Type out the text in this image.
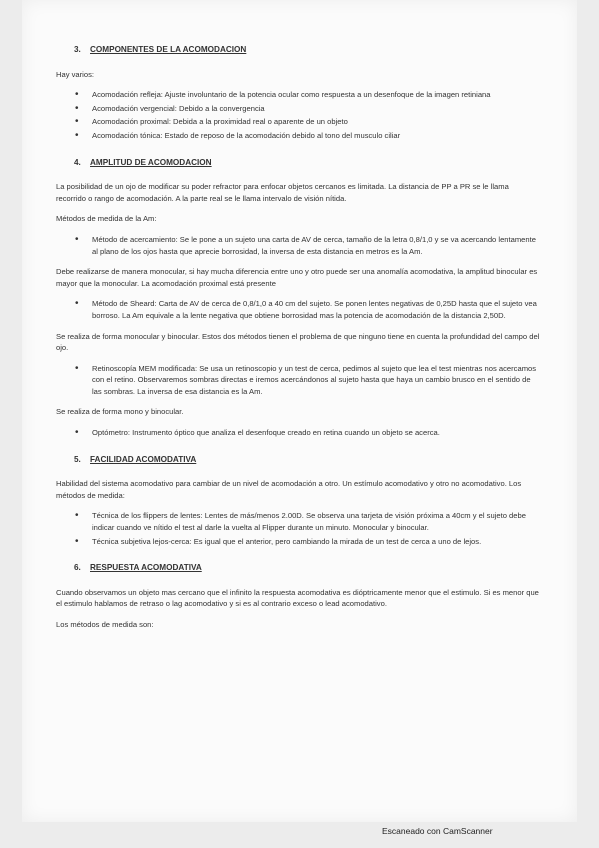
3.	COMPONENTES DE LA ACOMODACION

Hay varios:

• Acomodación refleja: Ajuste involuntario de la potencia ocular como respuesta a un desenfoque de la imagen retiniana
• Acomodación vergencial: Debido a la convergencia
• Acomodación proximal: Debida a la proximidad real o aparente de un objeto
• Acomodación tónica: Estado de reposo de la acomodación debido al tono del musculo ciliar
4.	AMPLITUD DE ACOMODACION

La posibilidad de un ojo de modificar su poder refractor para enfocar objetos cercanos es limitada. La distancia de PP a PR se le llama recorrido o rango de acomodación. A la parte real se le llama intervalo de visión nítida.

Métodos de medida de la Am:

• Método de acercamiento: Se le pone a un sujeto una carta de AV de cerca, tamaño de la letra 0,8/1,0 y se va acercando lentamente al plano de los ojos hasta que aprecie borrosidad, la inversa de esta distancia en metros es la Am.

Debe realizarse de manera monocular, si hay mucha diferencia entre uno y otro puede ser una anomalía acomodativa, la amplitud binocular es mayor que la monocular. La acomodación proximal está presente

• Método de Sheard: Carta de AV de cerca de 0,8/1,0 a 40 cm del sujeto. Se ponen lentes negativas de 0,25D hasta que el sujeto vea borroso. La Am equivale a la lente negativa que obtiene borrosidad mas la potencia de acomodación de la distancia 2,50D.

Se realiza de forma monocular y binocular. Estos dos métodos tienen el problema de que ninguno tiene en cuenta la profundidad del campo del ojo.

• Retinoscopía MEM modificada: Se usa un retinoscopio y un test de cerca, pedimos al sujeto que lea el test mientras nos acercamos con el retino. Observaremos sombras directas e iremos acercándonos al sujeto hasta que haya un cambio brusco en el sentido de las sombras. La inversa de esa distancia es la Am.

Se realiza de forma mono y binocular.

• Optómetro: Instrumento óptico que analiza el desenfoque creado en retina cuando un objeto se acerca.
5.	FACILIDAD ACOMODATIVA

Habilidad del sistema acomodativo para cambiar de un nivel de acomodación a otro. Un estímulo acomodativo y otro no acomodativo. Los métodos de medida:

• Técnica de los flippers de lentes: Lentes de más/menos 2.00D. Se observa una tarjeta de visión próxima a 40cm y el sujeto debe indicar cuando ve nítido el test al darle la vuelta al Flipper durante un minuto. Monocular y binocular.
• Técnica subjetiva lejos-cerca: Es igual que el anterior, pero cambiando la mirada de un test de cerca a uno de lejos.
6.	RESPUESTA ACOMODATIVA

Cuando observamos un objeto mas cercano que el infinito la respuesta acomodativa es dióptricamente menor que el estimulo. Si es menor que el estimulo hablamos de retraso o lag acomodativo y si es al contrario exceso o lead acomodativo.

Los métodos de medida son:

Escaneado con CamScanner
